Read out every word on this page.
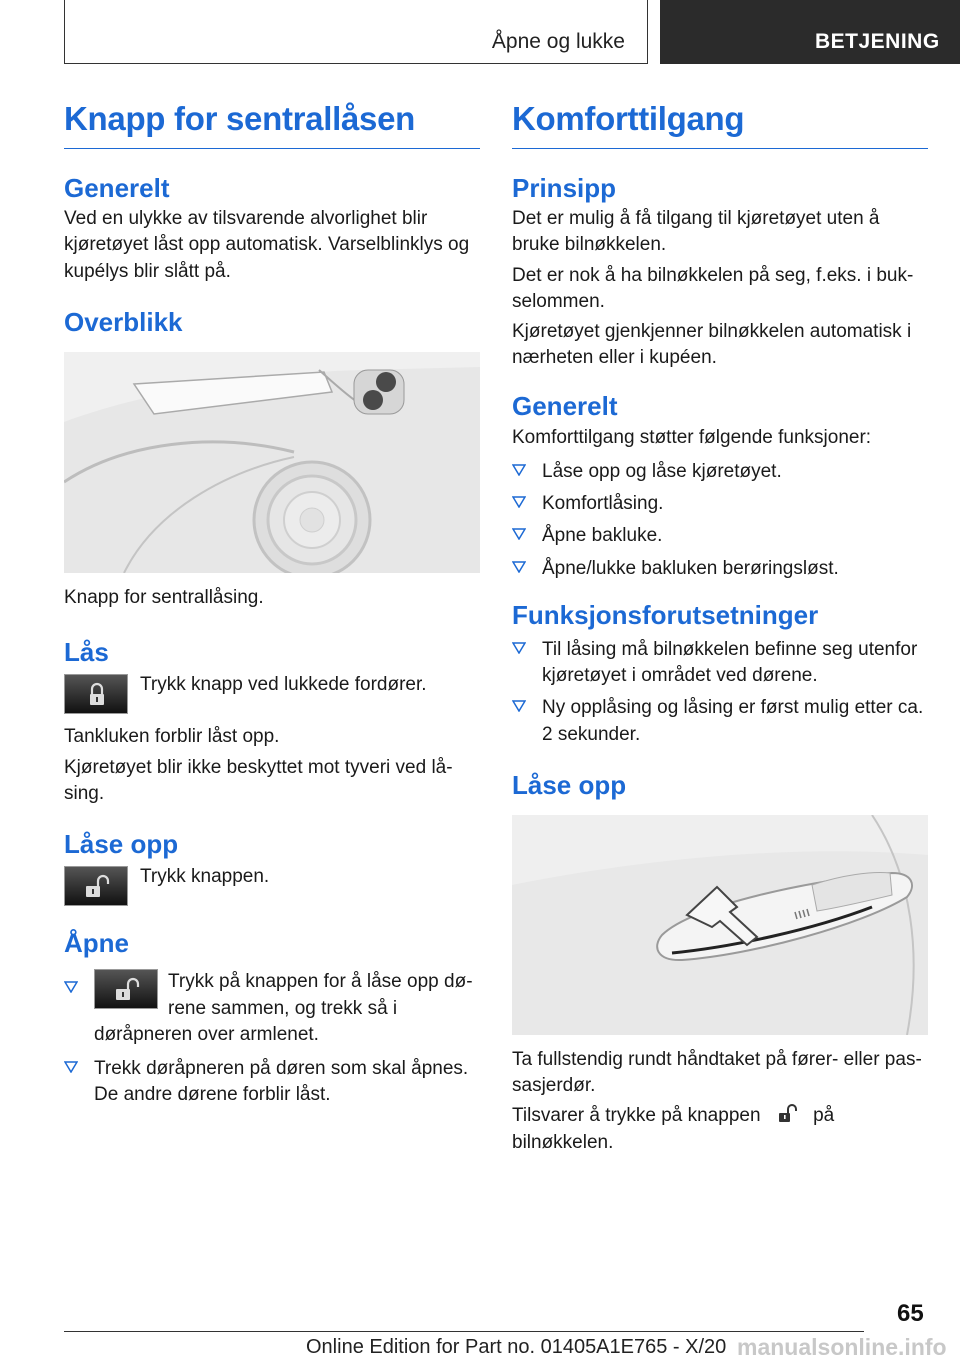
Åpne og lukke	BETJENING
Knapp for sentrallåsen
Generelt

Ved en ulykke av tilsvarende alvorlighet blir kjøretøyet låst opp automatisk. Varselblinklys og kupélys blir slått på.

Overblikk

Knapp for sentrallåsing.

Lås

Trykk knapp ved lukkede fordører.

Tankluken forblir låst opp.

Kjøretøyet blir ikke beskyttet mot tyveri ved låsing.

Låse opp

Trykk knappen.

Åpne
Trykk på knappen for å låse opp dørene sammen, og trekk så i døråpneren over armlenet.
Trekk døråpneren på døren som skal åpnes. De andre dørene forblir låst.
Komforttilgang
Prinsipp

Det er mulig å få tilgang til kjøretøyet uten å bruke bilnøkkelen.

Det er nok å ha bilnøkkelen på seg, f.eks. i bukselommen.

Kjøretøyet gjenkjenner bilnøkkelen automatisk i nærheten eller i kupéen.

Generelt

Komforttilgang støtter følgende funksjoner:

Låse opp og låse kjøretøyet.
Komfortlåsing.
Åpne bakluke.
Åpne/lukke bakluken berøringsløst.
Funksjonsforutsetninger
Til låsing må bilnøkkelen befinne seg utenfor kjøretøyet i området ved dørene.
Ny opplåsing og låsing er først mulig etter ca. 2 sekunder.
Låse opp

Ta fullstendig rundt håndtaket på fører- eller passasjerdør.

Tilsvarer å trykke på knappen	på bilnøkkelen.

65
Online Edition for Part no. 01405A1E765 - X/20 manualsonline.info
